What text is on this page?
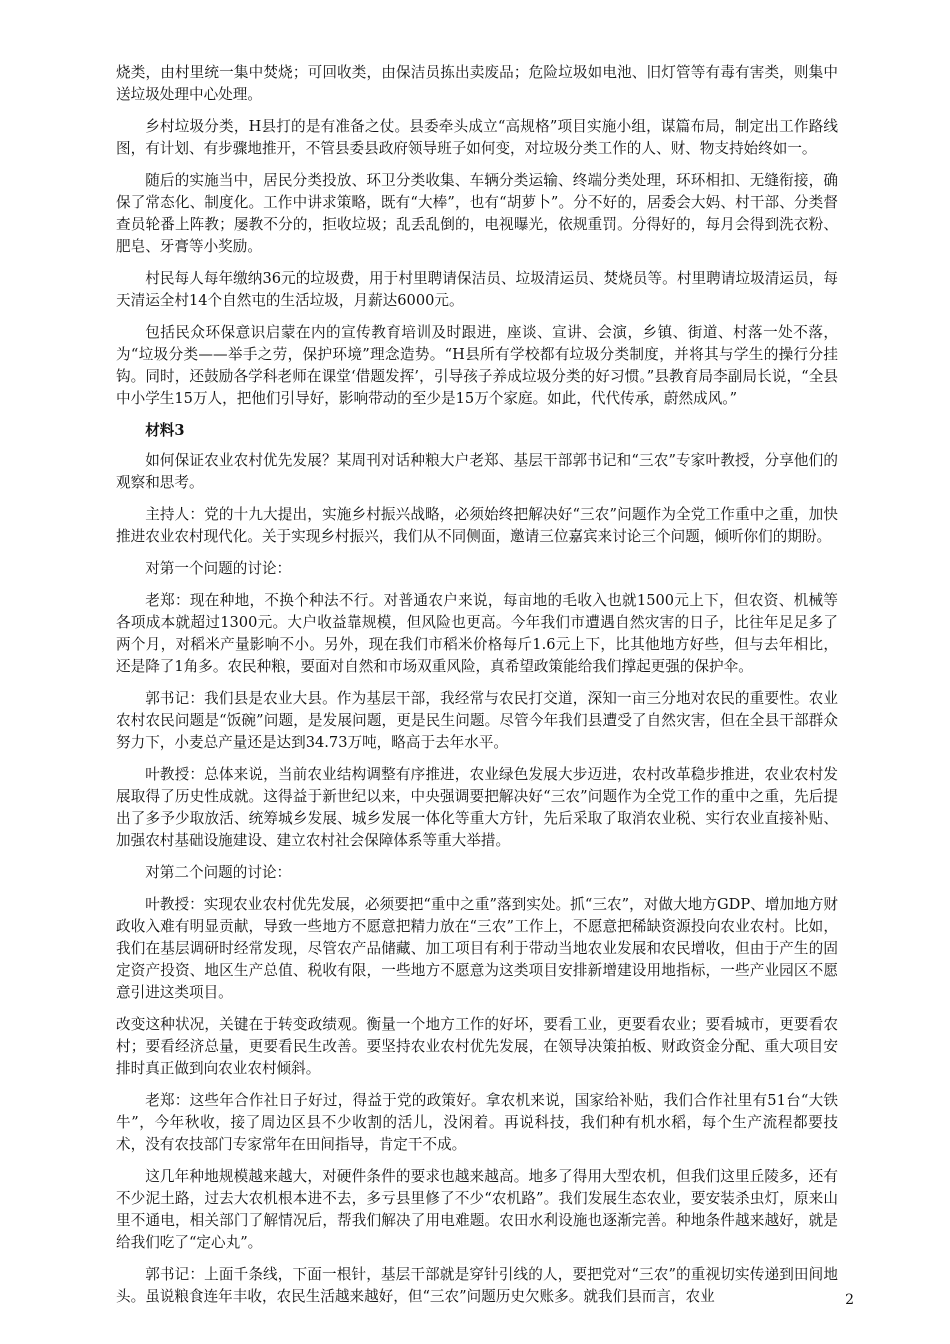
烧类，由村里统一集中焚烧；可回收类，由保洁员拣出卖废品；危险垃圾如电池、旧灯管等有毒有害类，则集中送垃圾处理中心处理。

乡村垃圾分类，H县打的是有准备之仗。县委牵头成立“高规格”项目实施小组，谋篇布局，制定出工作路线图，有计划、有步骤地推开，不管县委县政府领导班子如何变，对垃圾分类工作的人、财、物支持始终如一。

随后的实施当中，居民分类投放、环卫分类收集、车辆分类运输、终端分类处理，环环相扣、无缝衔接，确保了常态化、制度化。工作中讲求策略，既有“大棒”，也有“胡萝卜”。分不好的，居委会大妈、村干部、分类督查员轮番上阵教；屡教不分的，拒收垃圾；乱丢乱倒的，电视曝光，依规重罚。分得好的，每月会得到洗衣粉、肥皂、牙膏等小奖励。

村民每人每年缴纳36元的垃圾费，用于村里聘请保洁员、垃圾清运员、焚烧员等。村里聘请垃圾清运员，每天清运全村14个自然屯的生活垃圾，月薪达6000元。

包括民众环保意识启蒙在内的宣传教育培训及时跟进，座谈、宣讲、会演，乡镇、街道、村落一处不落，为“垃圾分类——举手之劳，保护环境”理念造势。“H县所有学校都有垃圾分类制度，并将其与学生的操行分挂钩。同时，还鼓励各学科老师在课堂‘借题发挥’，引导孩子养成垃圾分类的好习惯。”县教育局李副局长说，“全县中小学生15万人，把他们引导好，影响带动的至少是15万个家庭。如此，代代传承，蔚然成风。”

材料3

如何保证农业农村优先发展？某周刊对话种粮大户老郑、基层干部郭书记和“三农”专家叶教授，分享他们的观察和思考。

主持人：党的十九大提出，实施乡村振兴战略，必须始终把解决好“三农”问题作为全党工作重中之重，加快推进农业农村现代化。关于实现乡村振兴，我们从不同侧面，邀请三位嘉宾来讨论三个问题，倾听你们的期盼。

对第一个问题的讨论：

老郑：现在种地，不换个种法不行。对普通农户来说，每亩地的毛收入也就1500元上下，但农资、机械等各项成本就超过1300元。大户收益靠规模，但风险也更高。今年我们市遭遇自然灾害的日子，比往年足足多了两个月，对稻米产量影响不小。另外，现在我们市稻米价格每斤1.6元上下，比其他地方好些，但与去年相比，还是降了1角多。农民种粮，要面对自然和市场双重风险，真希望政策能给我们撑起更强的保护伞。

郭书记：我们县是农业大县。作为基层干部，我经常与农民打交道，深知一亩三分地对农民的重要性。农业农村农民问题是“饭碗”问题，是发展问题，更是民生问题。尽管今年我们县遭受了自然灾害，但在全县干部群众努力下，小麦总产量还是达到34.73万吨，略高于去年水平。

叶教授：总体来说，当前农业结构调整有序推进，农业绿色发展大步迈进，农村改革稳步推进，农业农村发展取得了历史性成就。这得益于新世纪以来，中央强调要把解决好“三农”问题作为全党工作的重中之重，先后提出了多予少取放活、统筹城乡发展、城乡发展一体化等重大方针，先后采取了取消农业税、实行农业直接补贴、加强农村基础设施建设、建立农村社会保障体系等重大举措。

对第二个问题的讨论：

叶教授：实现农业农村优先发展，必须要把“重中之重”落到实处。抓“三农”，对做大地方GDP、增加地方财政收入难有明显贡献，导致一些地方不愿意把精力放在“三农”工作上，不愿意把稀缺资源投向农业农村。比如，我们在基层调研时经常发现，尽管农产品储藏、加工项目有利于带动当地农业发展和农民增收，但由于产生的固定资产投资、地区生产总值、税收有限，一些地方不愿意为这类项目安排新增建设用地指标，一些产业园区不愿意引进这类项目。

改变这种状况，关键在于转变政绩观。衡量一个地方工作的好坏，要看工业，更要看农业；要看城市，更要看农村；要看经济总量，更要看民生改善。要坚持农业农村优先发展，在领导决策拍板、财政资金分配、重大项目安排时真正做到向农业农村倾斜。

老郑：这些年合作社日子好过，得益于党的政策好。拿农机来说，国家给补贴，我们合作社里有51台“大铁牛”，今年秋收，接了周边区县不少收割的活儿，没闲着。再说科技，我们种有机水稻，每个生产流程都要技术，没有农技部门专家常年在田间指导，肯定干不成。

这几年种地规模越来越大，对硬件条件的要求也越来越高。地多了得用大型农机，但我们这里丘陵多，还有不少泥土路，过去大农机根本进不去，多亏县里修了不少“农机路”。我们发展生态农业，要安装杀虫灯，原来山里不通电，相关部门了解情况后，帮我们解决了用电难题。农田水利设施也逐渐完善。种地条件越来越好，就是给我们吃了“定心丸”。

郭书记：上面千条线，下面一根针，基层干部就是穿针引线的人，要把党对“三农”的重视切实传递到田间地头。虽说粮食连年丰收，农民生活越来越好，但“三农”问题历史欠账多。就我们县而言，农业	2
